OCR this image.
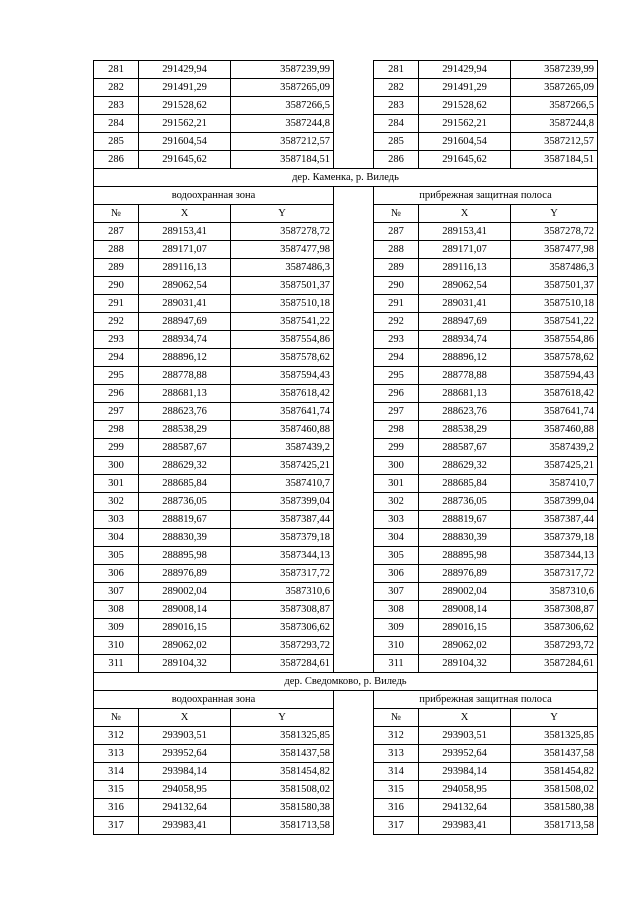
281	291429,94	3587239,99		281	291429,94	3587239,99
282	291491,29	3587265,09		282	291491,29	3587265,09
283	291528,62	3587266,5		283	291528,62	3587266,5
284	291562,21	3587244,8		284	291562,21	3587244,8
285	291604,54	3587212,57		285	291604,54	3587212,57
286	291645,62	3587184,51		286	291645,62	3587184,51
дер. Каменка, р. Виледь						
водоохранная зона				прибрежная защитная полоса		
№	X	Y		№	X	Y
287	289153,41	3587278,72		287	289153,41	3587278,72
288	289171,07	3587477,98		288	289171,07	3587477,98
289	289116,13	3587486,3		289	289116,13	3587486,3
290	289062,54	3587501,37		290	289062,54	3587501,37
291	289031,41	3587510,18		291	289031,41	3587510,18
292	288947,69	3587541,22		292	288947,69	3587541,22
293	288934,74	3587554,86		293	288934,74	3587554,86
294	288896,12	3587578,62		294	288896,12	3587578,62
295	288778,88	3587594,43		295	288778,88	3587594,43
296	288681,13	3587618,42		296	288681,13	3587618,42
297	288623,76	3587641,74		297	288623,76	3587641,74
298	288538,29	3587460,88		298	288538,29	3587460,88
299	288587,67	3587439,2		299	288587,67	3587439,2
300	288629,32	3587425,21		300	288629,32	3587425,21
301	288685,84	3587410,7		301	288685,84	3587410,7
302	288736,05	3587399,04		302	288736,05	3587399,04
303	288819,67	3587387,44		303	288819,67	3587387,44
304	288830,39	3587379,18		304	288830,39	3587379,18
305	288895,98	3587344,13		305	288895,98	3587344,13
306	288976,89	3587317,72		306	288976,89	3587317,72
307	289002,04	3587310,6		307	289002,04	3587310,6
308	289008,14	3587308,87		308	289008,14	3587308,87
309	289016,15	3587306,62		309	289016,15	3587306,62
310	289062,02	3587293,72		310	289062,02	3587293,72
311	289104,32	3587284,61		311	289104,32	3587284,61
дер. Сведомково, р. Виледь						
водоохранная зона				прибрежная защитная полоса		
№	X	Y		№	X	Y
312	293903,51	3581325,85		312	293903,51	3581325,85
313	293952,64	3581437,58		313	293952,64	3581437,58
314	293984,14	3581454,82		314	293984,14	3581454,82
315	294058,95	3581508,02		315	294058,95	3581508,02
316	294132,64	3581580,38		316	294132,64	3581580,38
317	293983,41	3581713,58		317	293983,41	3581713,58
